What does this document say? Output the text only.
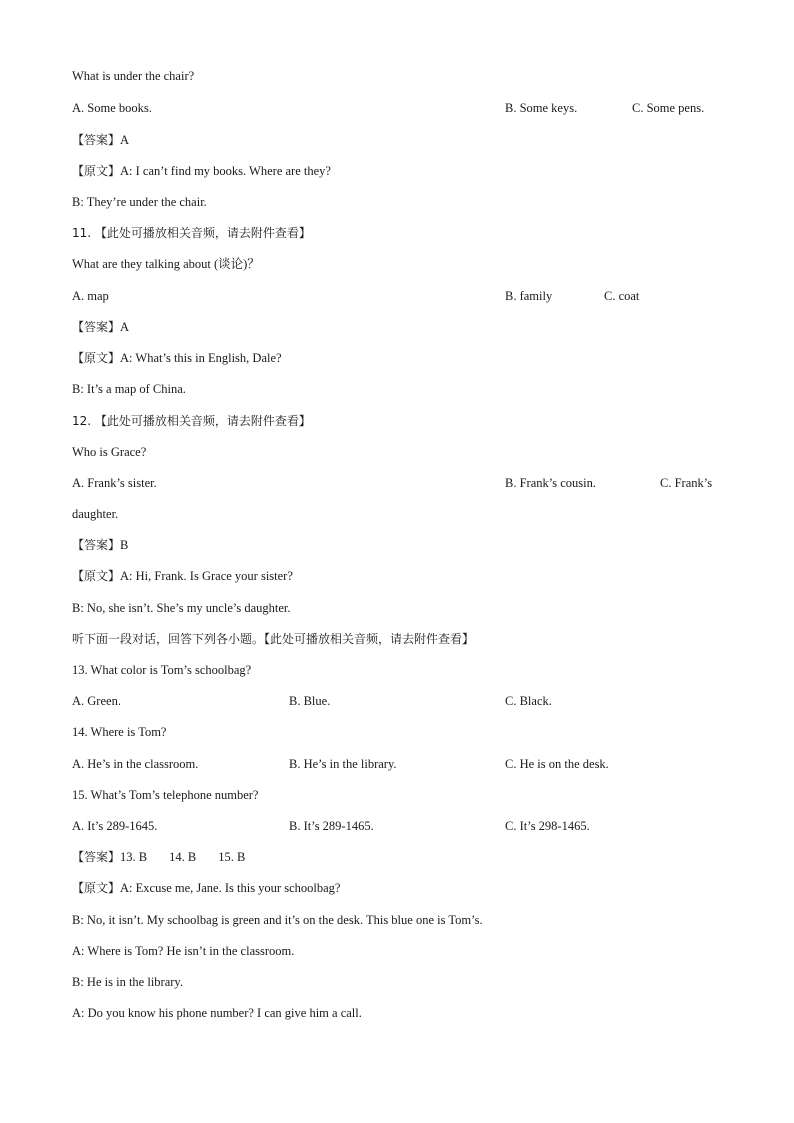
What is under the chair?
A. Some books.	B. Some keys.	C. Some pens.
【答案】A
【原文】A: I can’t find my books. Where are they?
B: They’re under the chair.
11. 【此处可播放相关音频，请去附件查看】
What are they talking about (谈论)？
A. map	B. family	C. coat
【答案】A
【原文】A: What’s this in English, Dale?
B: It’s a map of China.
12. 【此处可播放相关音频，请去附件查看】
Who is Grace?
A. Frank’s sister.	B. Frank’s cousin.	C. Frank’s
daughter.
【答案】B
【原文】A: Hi, Frank. Is Grace your sister?
B: No, she isn’t. She’s my uncle’s daughter.
听下面一段对话，回答下列各小题。【此处可播放相关音频，请去附件查看】
13. What color is Tom’s schoolbag?
A. Green.	B. Blue.	C. Black.
14. Where is Tom?
A. He’s in the classroom.	B. He’s in the library.	C. He is on the desk.
15. What’s Tom’s telephone number?
A. It’s 289-1645.	B. It’s 289-1465.	C. It’s 298-1465.
【答案】13. B 14. B 15. B
【原文】A: Excuse me, Jane. Is this your schoolbag?
B: No, it isn’t. My schoolbag is green and it’s on the desk. This blue one is Tom’s.
A: Where is Tom? He isn’t in the classroom.
B: He is in the library.
A: Do you know his phone number? I can give him a call.
